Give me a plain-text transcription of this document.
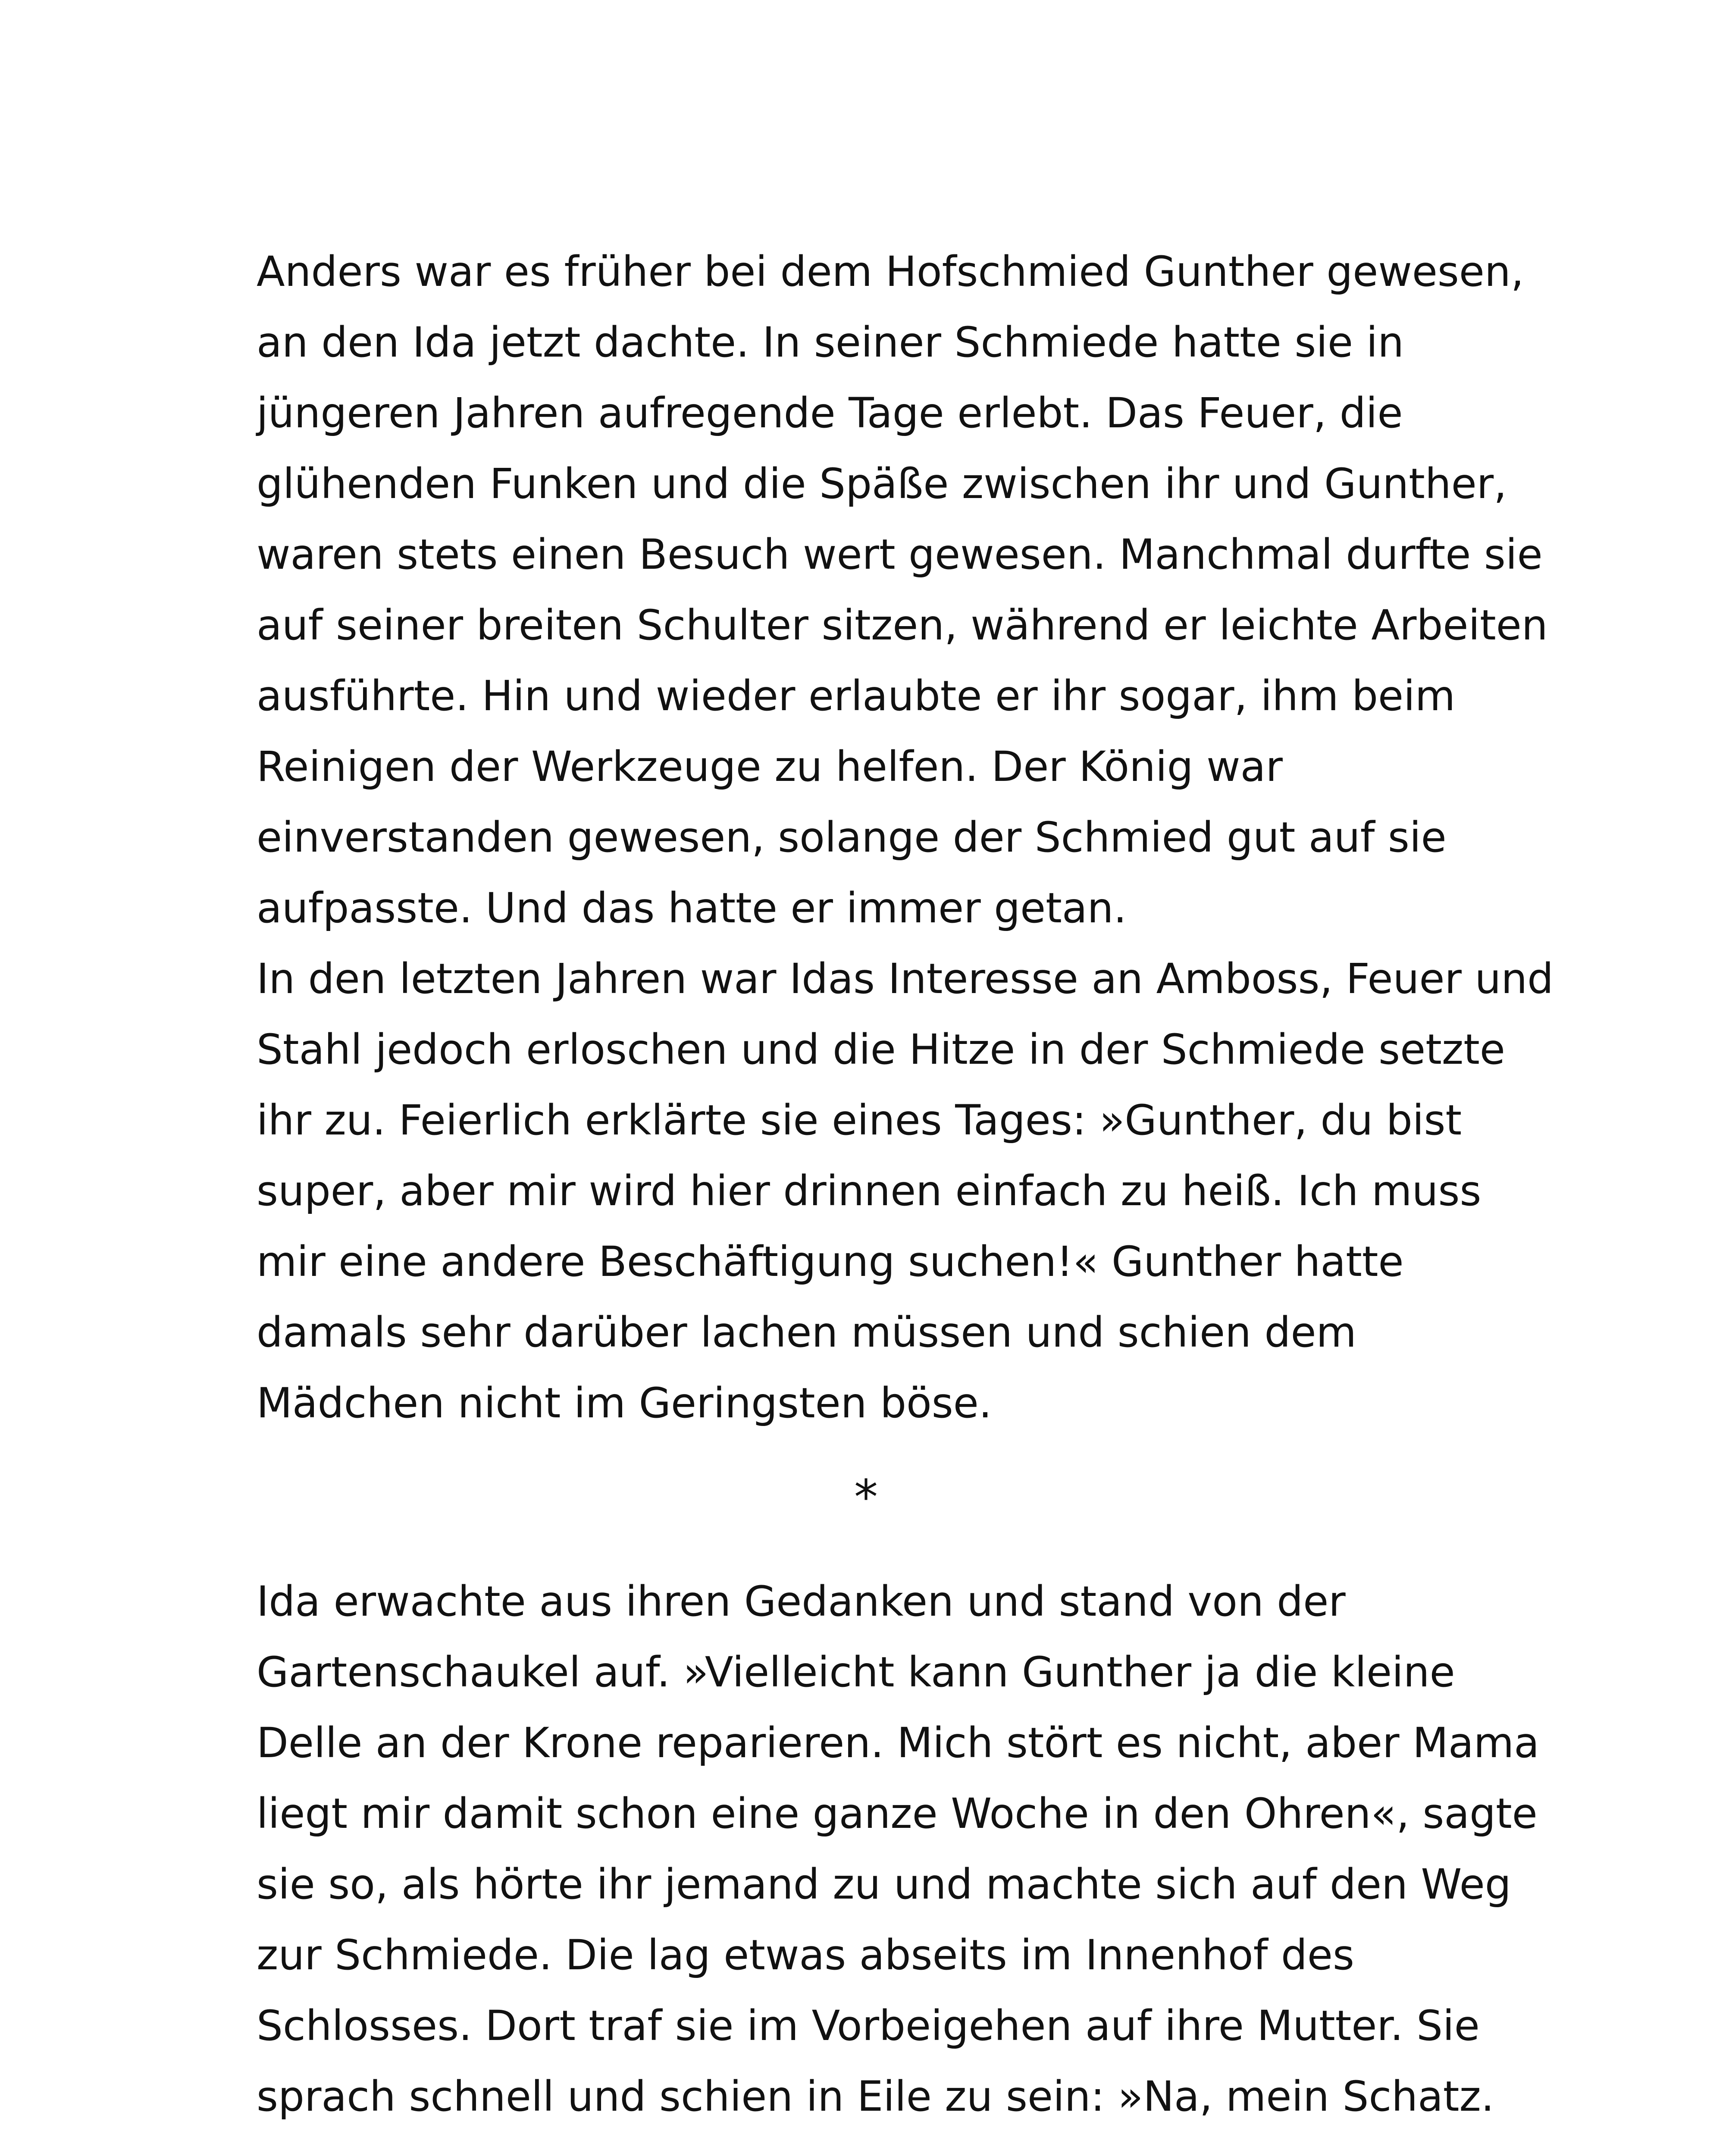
Anders war es früher bei dem Hofschmied Gunther gewesen,
an den Ida jetzt dachte. In seiner Schmiede hatte sie in
jüngeren Jahren aufregende Tage erlebt. Das Feuer, die
glühenden Funken und die Späße zwischen ihr und Gunther,
waren stets einen Besuch wert gewesen. Manchmal durfte sie
auf seiner breiten Schulter sitzen, während er leichte Arbeiten
ausführte. Hin und wieder erlaubte er ihr sogar, ihm beim
Reinigen der Werkzeuge zu helfen. Der König war
einverstanden gewesen, solange der Schmied gut auf sie
aufpasste. Und das hatte er immer getan.
In den letzten Jahren war Idas Interesse an Amboss, Feuer und
Stahl jedoch erloschen und die Hitze in der Schmiede setzte
ihr zu. Feierlich erklärte sie eines Tages: »Gunther, du bist
super, aber mir wird hier drinnen einfach zu heiß. Ich muss
mir eine andere Beschäftigung suchen!« Gunther hatte
damals sehr darüber lachen müssen und schien dem
Mädchen nicht im Geringsten böse.
*
Ida erwachte aus ihren Gedanken und stand von der
Gartenschaukel auf. »Vielleicht kann Gunther ja die kleine
Delle an der Krone reparieren. Mich stört es nicht, aber Mama
liegt mir damit schon eine ganze Woche in den Ohren«, sagte
sie so, als hörte ihr jemand zu und machte sich auf den Weg
zur Schmiede. Die lag etwas abseits im Innenhof des
Schlosses. Dort traf sie im Vorbeigehen auf ihre Mutter. Sie
sprach schnell und schien in Eile zu sein: »Na, mein Schatz.
